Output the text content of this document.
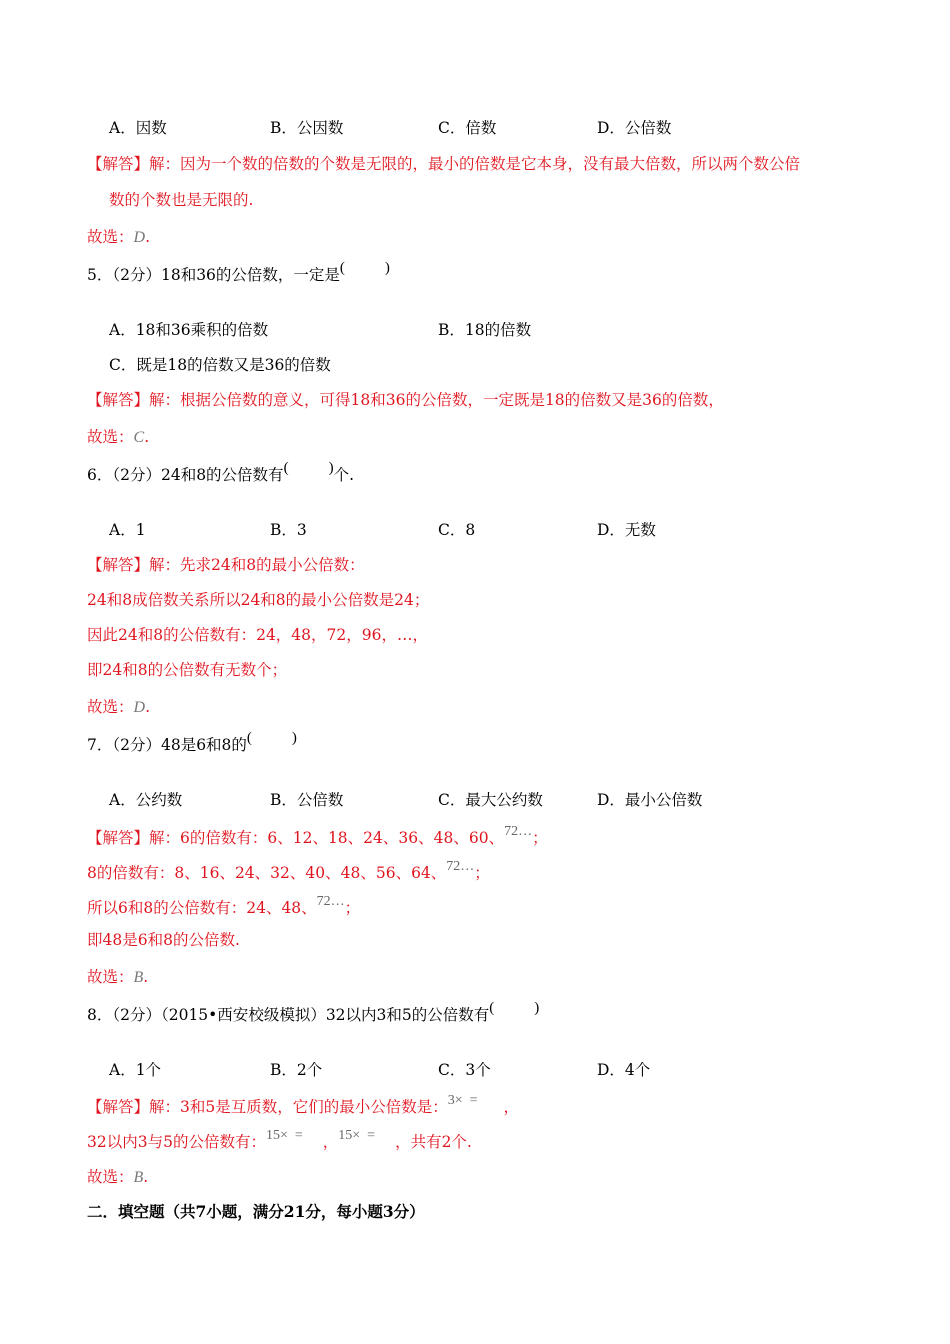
A．因数	B．公因数	C．倍数	D．公倍数
【解答】解：因为一个数的倍数的个数是无限的，最小的倍数是它本身，没有最大倍数，所以两个数公倍
数的个数也是无限的.
故选：D.
5．（2分）18和36的公倍数，一定是(	)
A．18和36乘积的倍数	B．18的倍数
C．既是18的倍数又是36的倍数
【解答】解：根据公倍数的意义，可得18和36的公倍数，一定既是18的倍数又是36的倍数，
故选：C.
6．（2分）24和8的公倍数有(	)个.
A．1	B．3	C．8	D．无数
【解答】解：先求24和8的最小公倍数：
24和8成倍数关系所以24和8的最小公倍数是24；
因此24和8的公倍数有：24，48，72，96，…，
即24和8的公倍数有无数个；
故选：D.
7．（2分）48是6和8的(	)
A．公约数	B．公倍数	C．最大公约数	D．最小公倍数
【解答】解：6的倍数有：6、12、18、24、36、48、60、72…；
8的倍数有：8、16、24、32、40、48、56、64、72…；
所以6和8的公倍数有：24、48、72…；
即48是6和8的公倍数.
故选：B.
8．（2分）（2015•西安校级模拟）32以内3和5的公倍数有(	)
A．1个	B．2个	C．3个	D．4个
【解答】解：3和5是互质数，它们的最小公倍数是：3×  = ，
32以内3与5的公倍数有：15×  = ，15×  = ，共有2个.
故选：B.
二．填空题（共7小题，满分21分，每小题3分）
